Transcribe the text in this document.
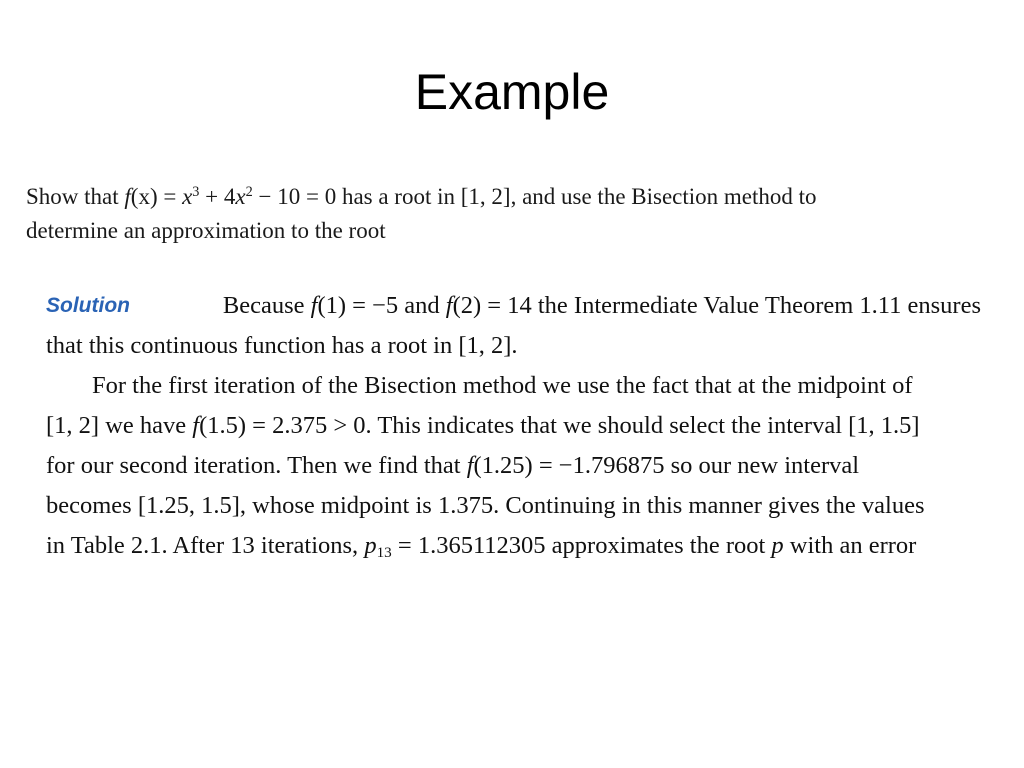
Example
Show that $f(x) = x^3 + 4x^2 - 10 = 0$ has a root in [1, 2], and use the Bisection method to
determine an approximation to the root
Solution	Because f(1) = −5 and f(2) = 14 the Intermediate Value Theorem 1.11 ensures
that this continuous function has a root in [1, 2].
For the first iteration of the Bisection method we use the fact that at the midpoint of
[1, 2] we have f(1.5) = 2.375 > 0. This indicates that we should select the interval [1, 1.5]
for our second iteration. Then we find that f(1.25) = −1.796875 so our new interval
becomes [1.25, 1.5], whose midpoint is 1.375. Continuing in this manner gives the values
in Table 2.1. After 13 iterations, $p_{13} = 1.365112305$ approximates the root p with an error
